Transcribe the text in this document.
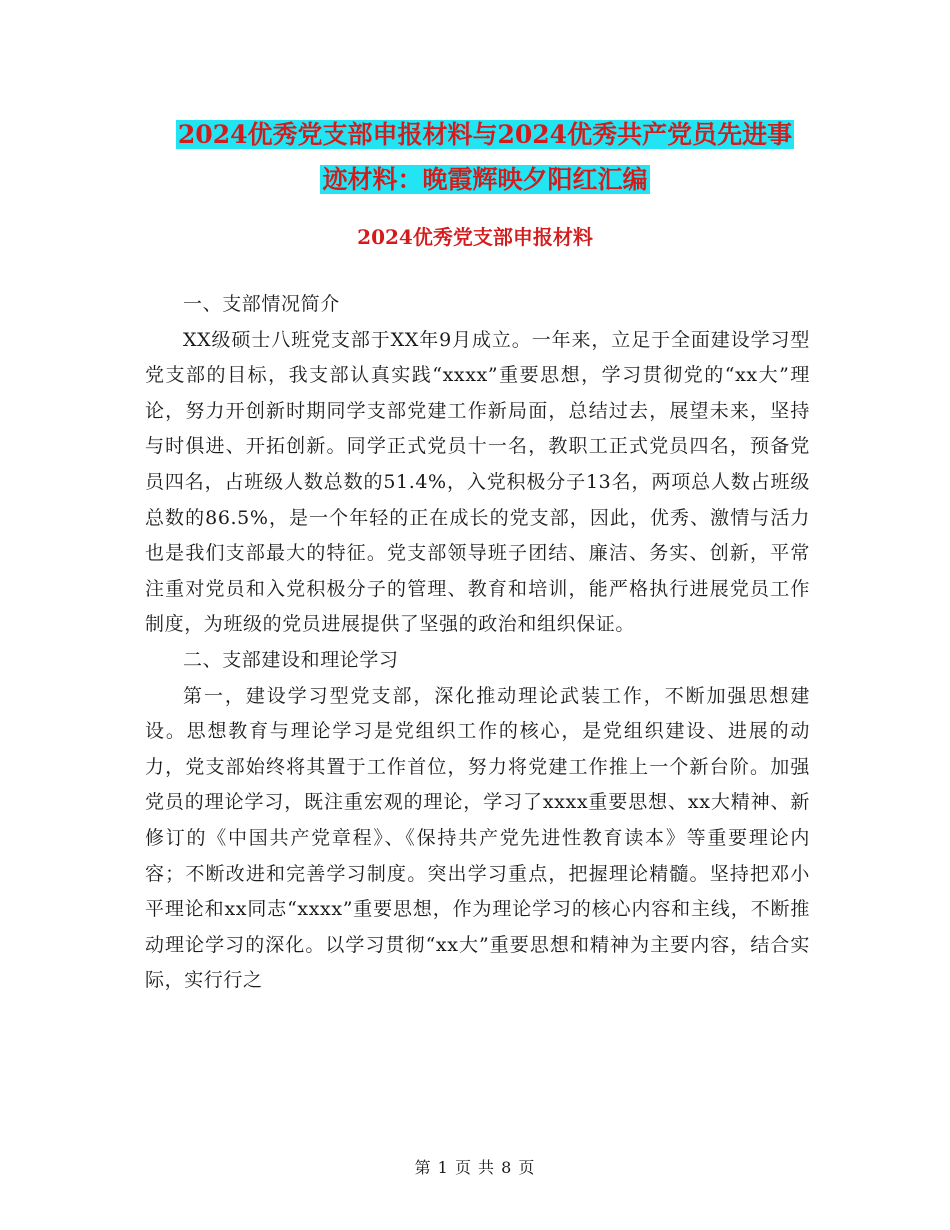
2024优秀党支部申报材料与2024优秀共产党员先进事
迹材料：晚霞辉映夕阳红汇编
2024优秀党支部申报材料

一、支部情况简介

XX级硕士八班党支部于XX年9月成立。一年来，立足于全面建设学习型党支部的目标，我支部认真实践“xxxx”重要思想，学习贯彻党的“xx大”理论，努力开创新时期同学支部党建工作新局面，总结过去，展望未来，坚持与时俱进、开拓创新。同学正式党员十一名，教职工正式党员四名，预备党员四名，占班级人数总数的51.4%，入党积极分子13名，两项总人数占班级总数的86.5%，是一个年轻的正在成长的党支部，因此，优秀、激情与活力也是我们支部最大的特征。党支部领导班子团结、廉洁、务实、创新，平常注重对党员和入党积极分子的管理、教育和培训，能严格执行进展党员工作制度，为班级的党员进展提供了坚强的政治和组织保证。

二、支部建设和理论学习

第一，建设学习型党支部，深化推动理论武装工作，不断加强思想建设。思想教育与理论学习是党组织工作的核心，是党组织建设、进展的动力，党支部始终将其置于工作首位，努力将党建工作推上一个新台阶。加强党员的理论学习，既注重宏观的理论，学习了xxxx重要思想、xx大精神、新修订的《中国共产党章程》、《保持共产党先进性教育读本》等重要理论内容；不断改进和完善学习制度。突出学习重点，把握理论精髓。坚持把邓小平理论和xx同志“xxxx”重要思想，作为理论学习的核心内容和主线，不断推动理论学习的深化。以学习贯彻“xx大”重要思想和精神为主要内容，结合实际，实行行之

第 1 页 共 8 页
